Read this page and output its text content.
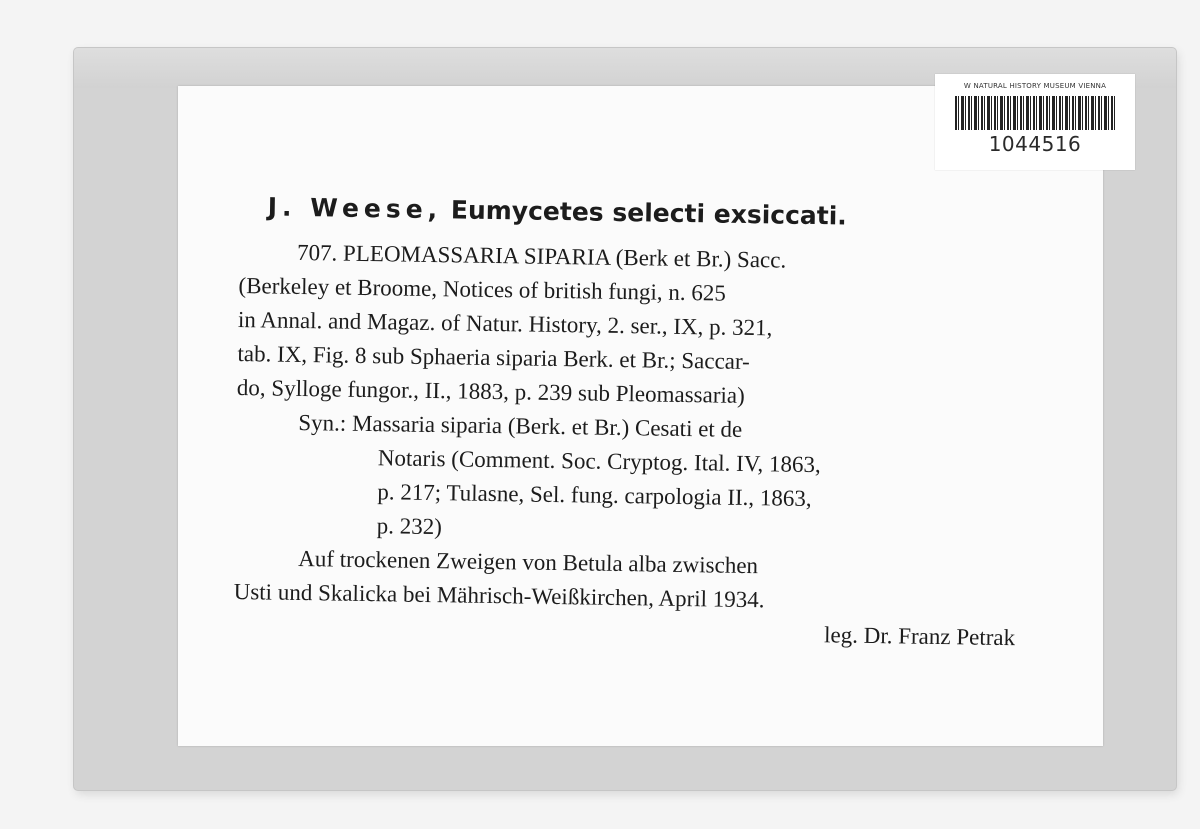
W NATURAL HISTORY MUSEUM VIENNA
1044516
J. Weese, Eumycetes selecti exsiccati.
707. PLEOMASSARIA SIPARIA (Berk et Br.) Sacc.
(Berkeley et Broome, Notices of british fungi, n. 625
in Annal. and Magaz. of Natur. History, 2. ser., IX, p. 321,
tab. IX, Fig. 8 sub Sphaeria siparia Berk. et Br.; Saccar-
do, Sylloge fungor., II., 1883, p. 239 sub Pleomassaria)
Syn.: Massaria siparia (Berk. et Br.) Cesati et de
Notaris (Comment. Soc. Cryptog. Ital. IV, 1863,
p. 217; Tulasne, Sel. fung. carpologia II., 1863,
p. 232)
Auf trockenen Zweigen von Betula alba zwischen
Usti und Skalicka bei Mährisch-Weißkirchen, April 1934.
leg. Dr. Franz Petrak
